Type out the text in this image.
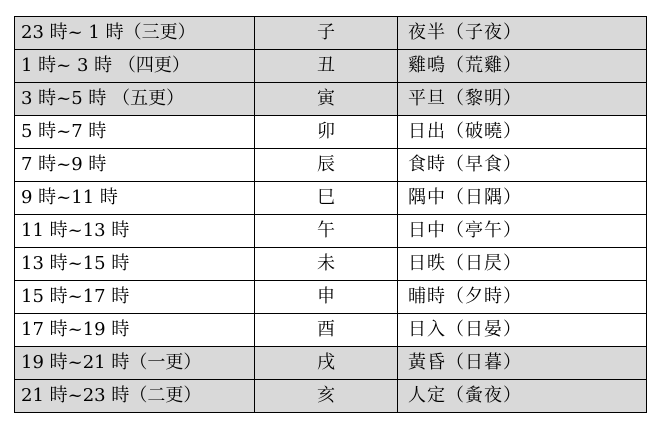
23 時~ 1 時（三更）	子	夜半（子夜）
1 時~ 3 時 （四更）	丑	雞鳴（荒雞）
3 時~5 時 （五更）	寅	平旦（黎明）
5 時~7 時	卯	日出（破曉）
7 時~9 時	辰	食時（早食）
9 時~11 時	巳	隅中（日隅）
11 時~13 時	午	日中（亭午）
13 時~15 時	未	日昳（日昃）
15 時~17 時	申	晡時（夕時）
17 時~19 時	酉	日入（日晏）
19 時~21 時（一更）	戌	黃昏（日暮）
21 時~23 時（二更）	亥	人定（夤夜）
